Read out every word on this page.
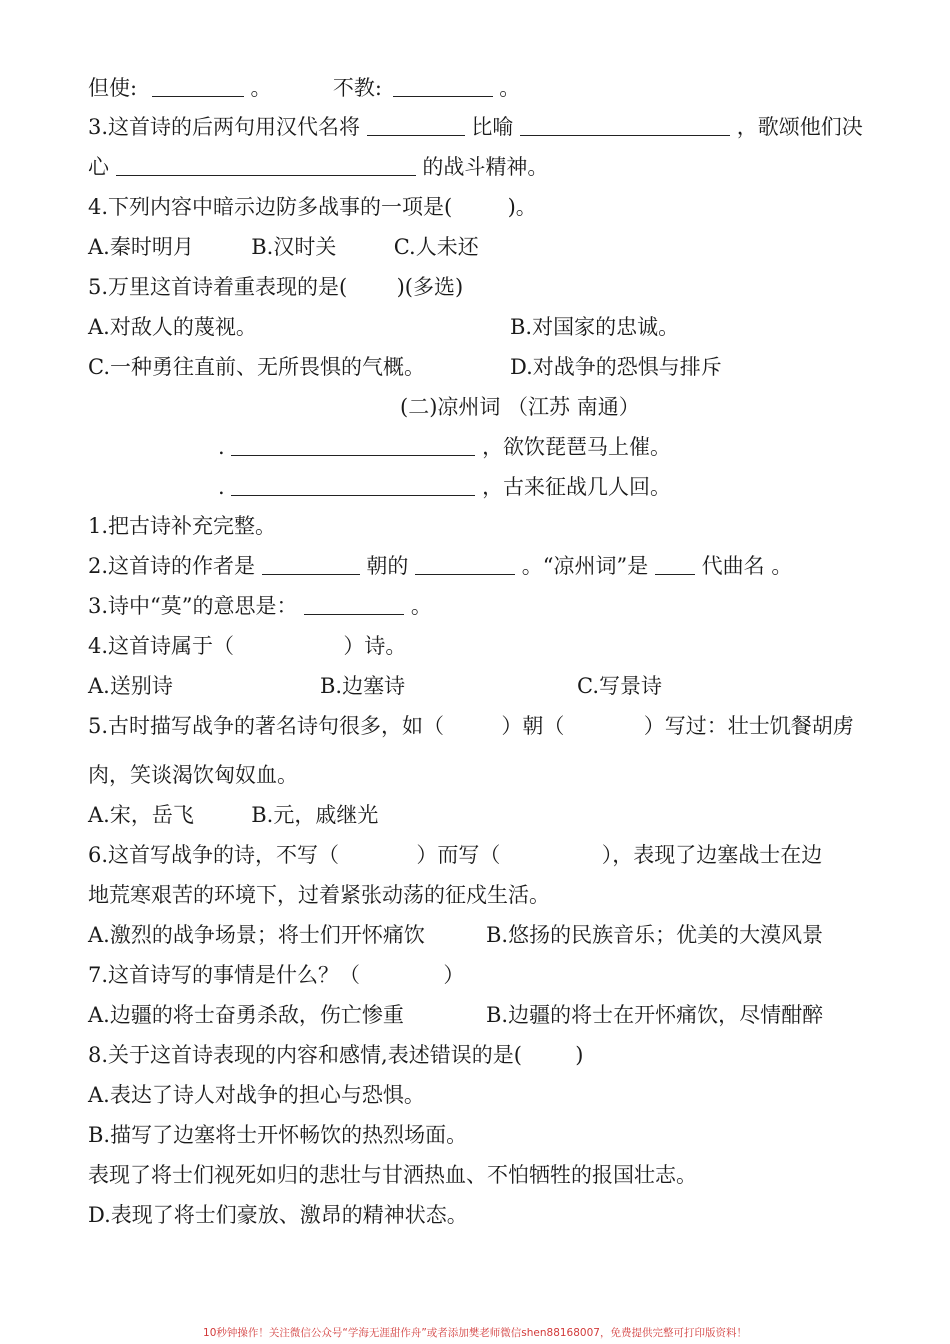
但使:	。	不教:	。
3.这首诗的后两句用汉代名将	比喻	，歌颂他们决
心	的战斗精神。
4.下列内容中暗示边防多战事的一项是(	)。
A.秦时明月	B.汉时关	C.人未还
5.万里这首诗着重表现的是( )(多选)
A.对敌人的蔑视。	B.对国家的忠诚。
C.一种勇往直前、无所畏惧的气概。	D.对战争的恐惧与排斥
(二)凉州词 （江苏 南通）
.	，欲饮琵琶马上催。
.	，古来征战几人回。
1.把古诗补充完整。
2.这首诗的作者是	朝的	。“凉州词”是	代曲名 。
3.诗中“莫”的意思是：	。
4.这首诗属于（	）诗。
A.送别诗	B.边塞诗	C.写景诗
5.古时描写战争的著名诗句很多，如（	）朝（	）写过：壮士饥餐胡虏
肉，笑谈渴饮匈奴血。
A.宋，岳飞	B.元，戚继光
6.这首写战争的诗，不写（	）而写（	），表现了边塞战士在边
地荒寒艰苦的环境下，过着紧张动荡的征戍生活。
A.激烈的战争场景；将士们开怀痛饮	B.悠扬的民族音乐；优美的大漠风景
7.这首诗写的事情是什么？（	）
A.边疆的将士奋勇杀敌，伤亡惨重	B.边疆的将士在开怀痛饮，尽情酣醉
8.关于这首诗表现的内容和感情,表述错误的是(	)
A.表达了诗人对战争的担心与恐惧。
B.描写了边塞将士开怀畅饮的热烈场面。
表现了将士们视死如归的悲壮与甘洒热血、不怕牺牲的报国壮志。
D.表现了将士们豪放、激昂的精神状态。
10秒钟操作！关注微信公众号“学海无涯甜作舟”或者添加樊老师微信shen88168007，免费提供完整可打印版资料！
